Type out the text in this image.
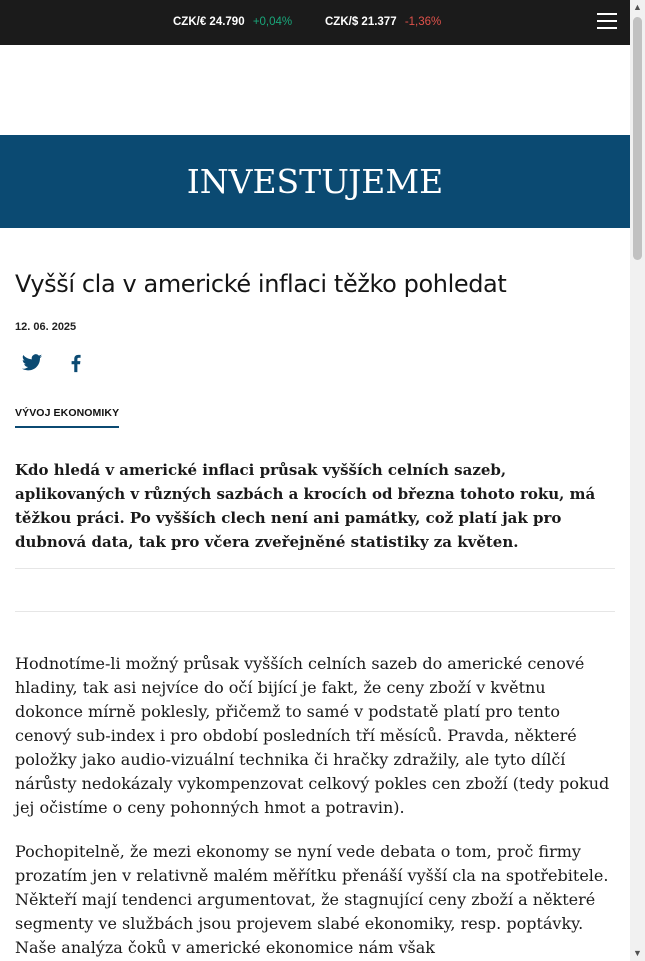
CZK/€ 24.790 +0,04%	CZK/$ 21.377 -1,36%
INVESTUJEME
Vyšší cla v americké inflaci těžko pohledat
12. 06. 2025
VÝVOJ EKONOMIKY
Kdo hledá v americké inflaci průsak vyšších celních sazeb, aplikovaných v různých sazbách a krocích od března tohoto roku, má těžkou práci. Po vyšších clech není ani památky, což platí jak pro dubnová data, tak pro včera zveřejněné statistiky za květen.

Hodnotíme-li možný průsak vyšších celních sazeb do americké cenové hladiny, tak asi nejvíce do očí bijící je fakt, že ceny zboží v květnu dokonce mírně poklesly, přičemž to samé v podstatě platí pro tento cenový sub-index i pro období posledních tří měsíců. Pravda, některé položky jako audio-vizuální technika či hračky zdražily, ale tyto dílčí nárůsty nedokázaly vykompenzovat celkový pokles cen zboží (tedy pokud jej očistíme o ceny pohonných hmot a potravin).

Pochopitelně, že mezi ekonomy se nyní vede debata o tom, proč firmy prozatím jen v relativně malém měřítku přenáší vyšší cla na spotřebitele. Někteří mají tendenci argumentovat, že stagnující ceny zboží a některé segmenty ve službách jsou projevem slabé ekonomiky, resp. poptávky. Naše analýza čoků v americké ekonomice nám však

▲
▼
